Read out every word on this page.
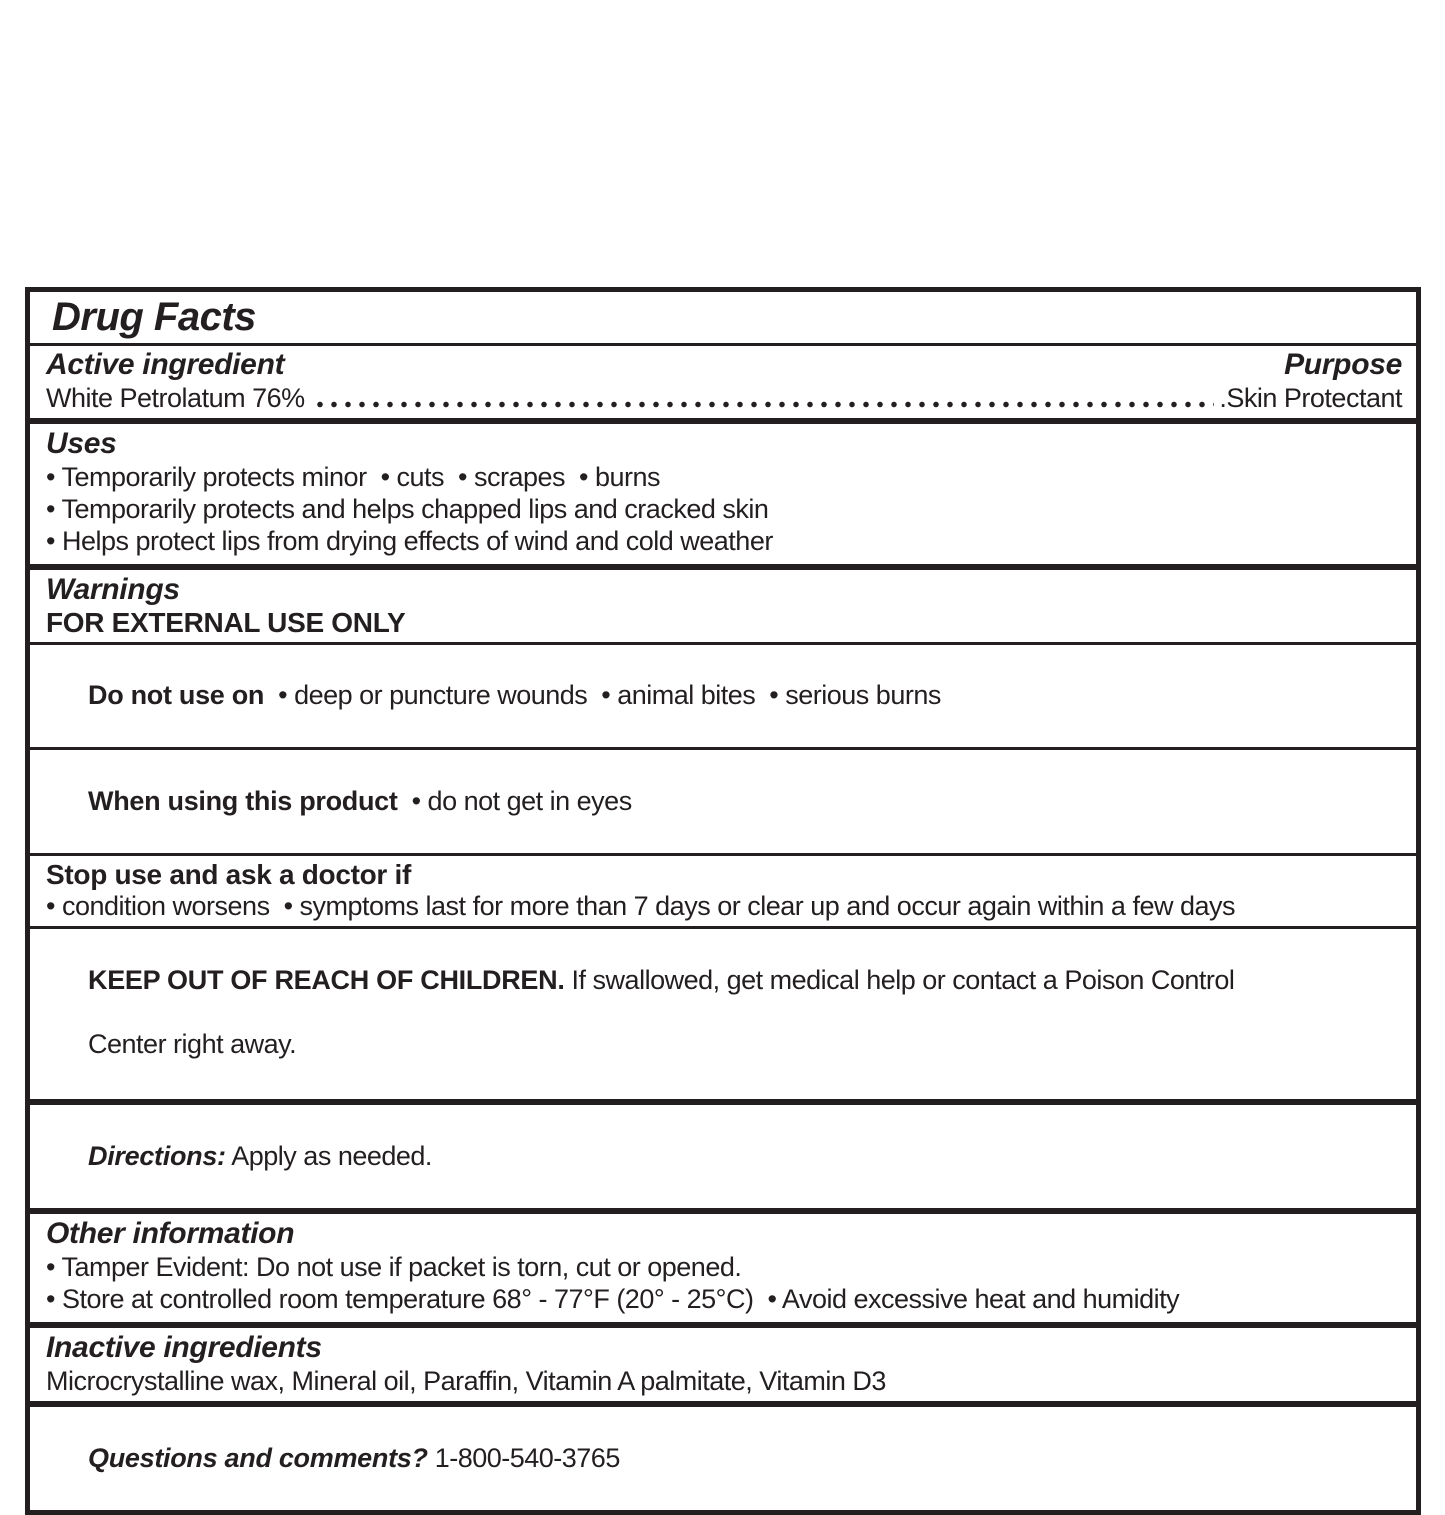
Drug Facts
Active ingredient	Purpose
White Petrolatum 76%	.Skin Protectant
Uses
• Temporarily protects minor  • cuts  • scrapes  • burns
• Temporarily protects and helps chapped lips and cracked skin
• Helps protect lips from drying effects of wind and cold weather
Warnings
FOR EXTERNAL USE ONLY

Do not use on  • deep or puncture wounds  • animal bites  • serious burns

When using this product  • do not get in eyes

Stop use and ask a doctor if
• condition worsens  • symptoms last for more than 7 days or clear up and occur again within a few days

KEEP OUT OF REACH OF CHILDREN. If swallowed, get medical help or contact a Poison Control

Center right away.

Directions: Apply as needed.

Other information
• Tamper Evident: Do not use if packet is torn, cut or opened.
• Store at controlled room temperature 68° - 77°F (20° - 25°C)  • Avoid excessive heat and humidity
Inactive ingredients
Microcrystalline wax, Mineral oil, Paraffin, Vitamin A palmitate, Vitamin D3

Questions and comments? 1-800-540-3765
